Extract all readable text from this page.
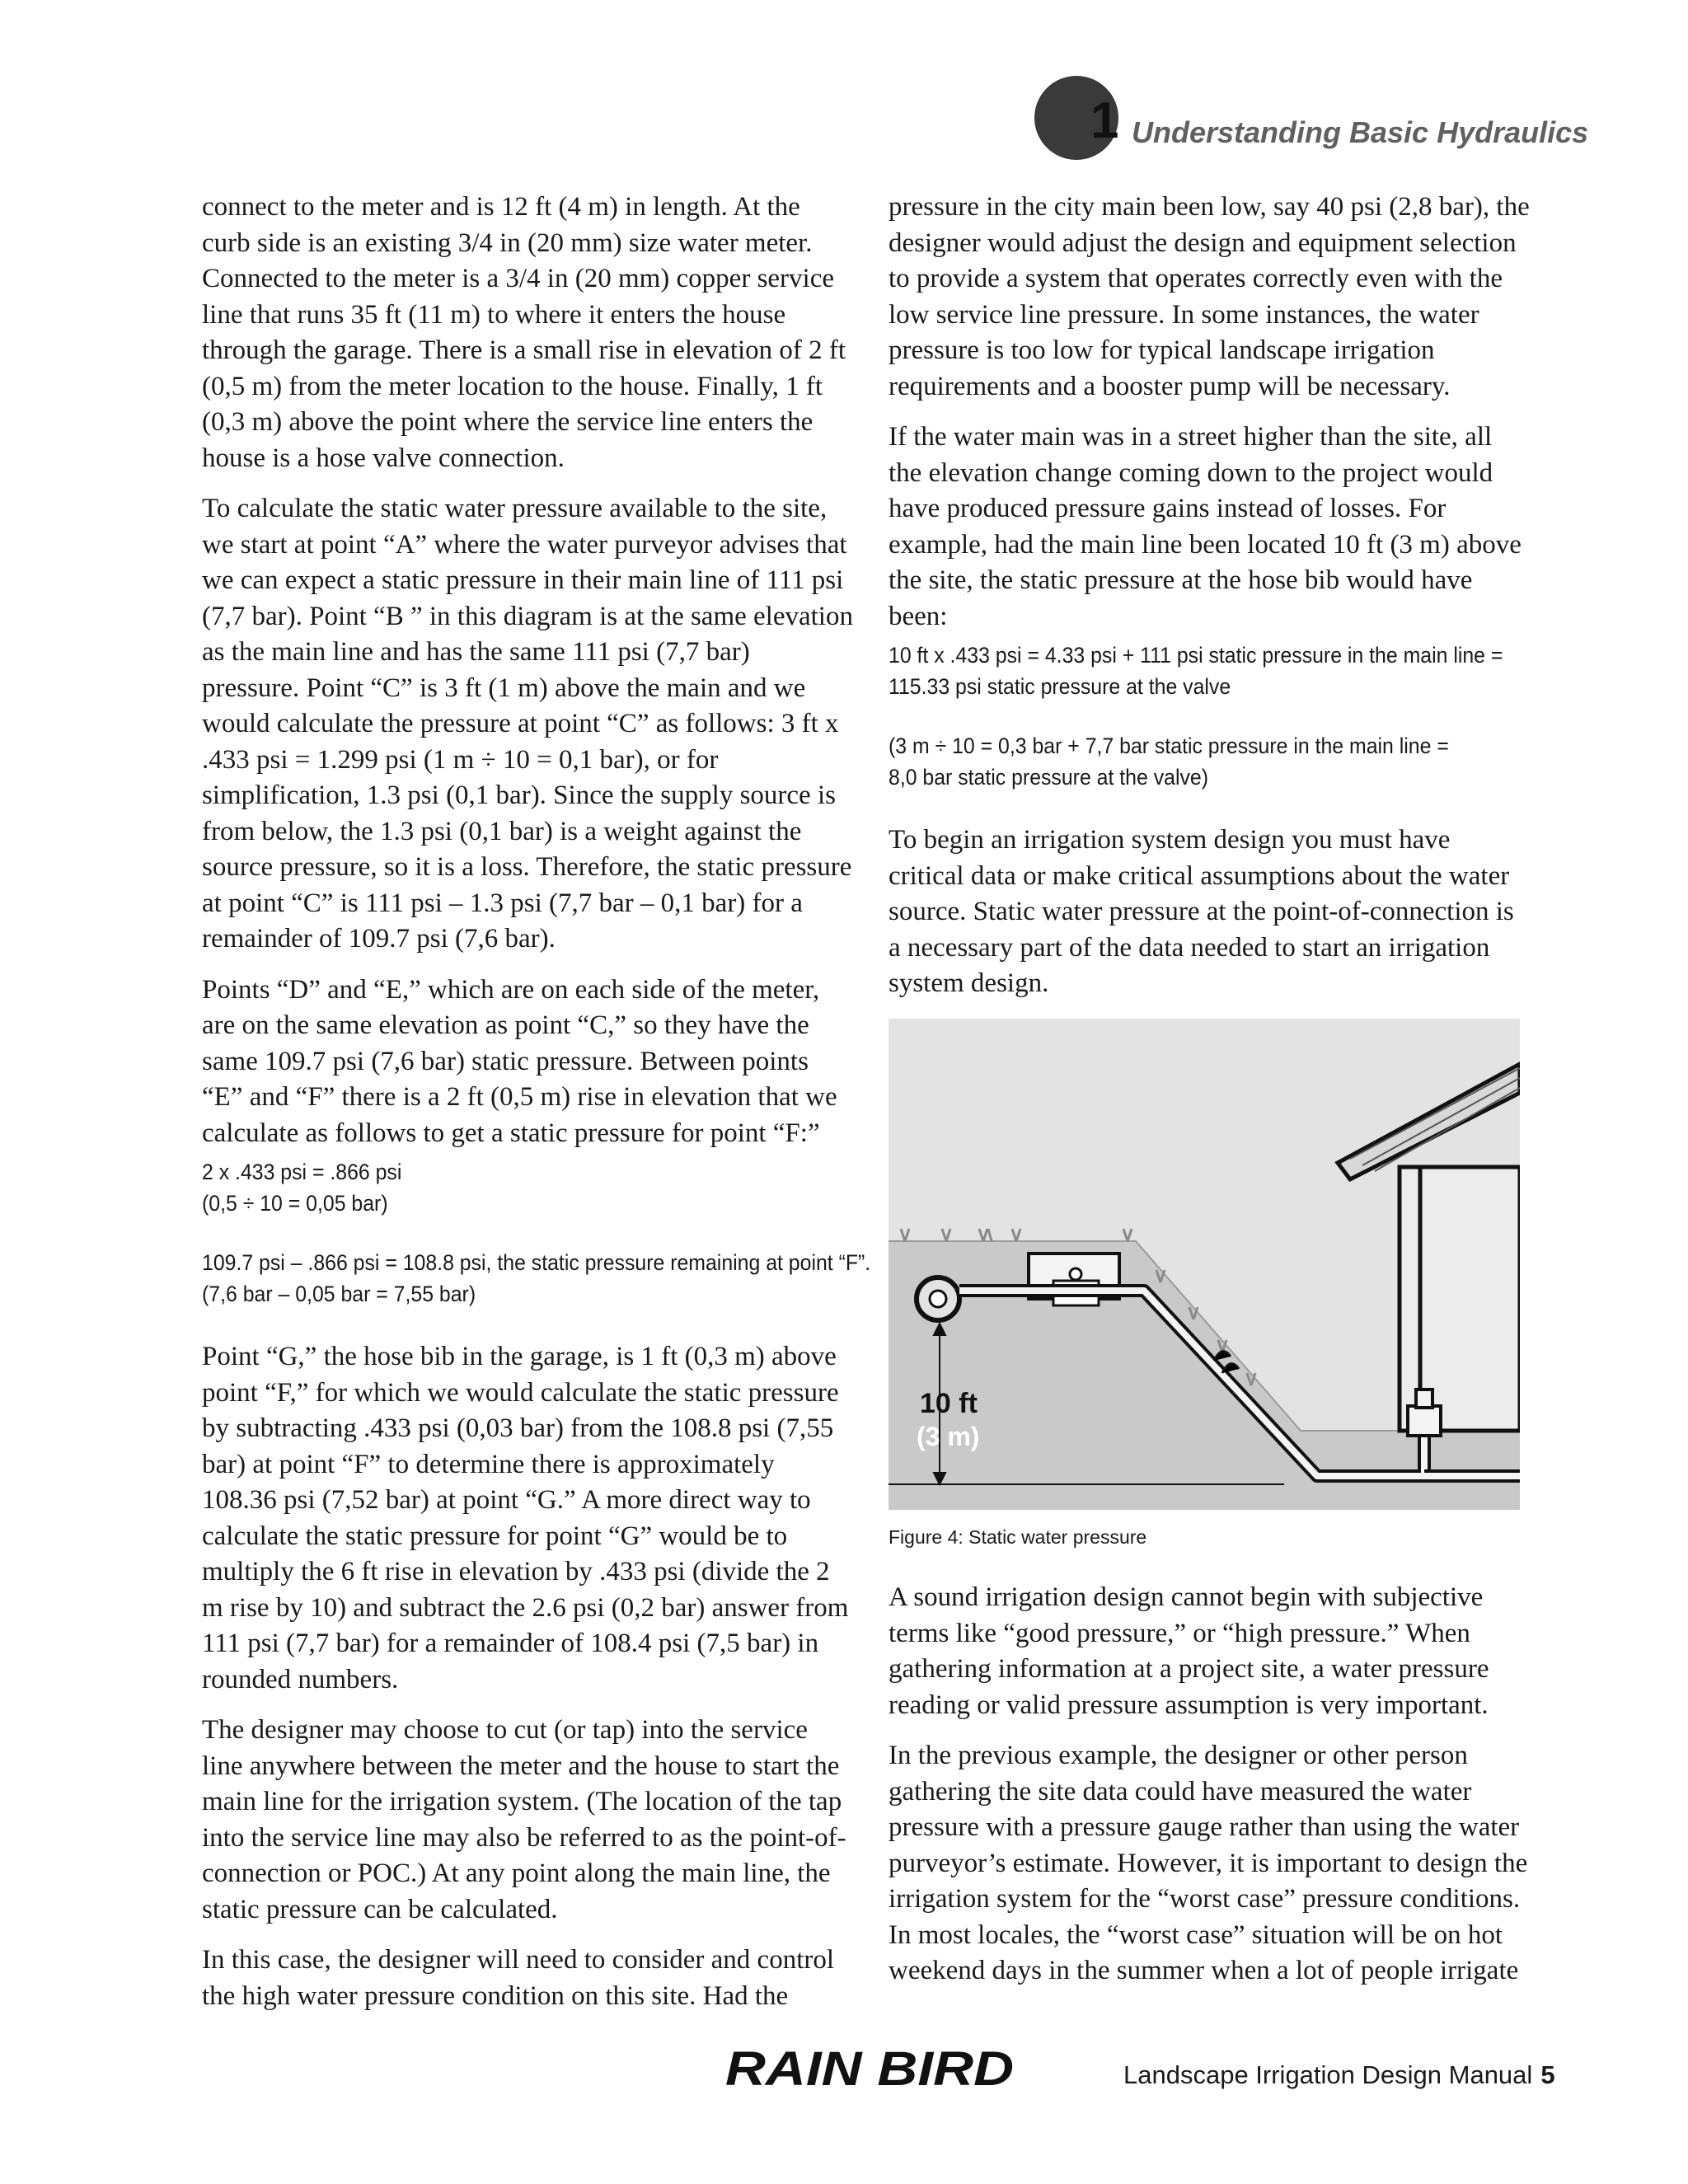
1 Understanding Basic Hydraulics

connect to the meter and is 12 ft (4 m) in length. At the curb side is an existing 3/4 in (20 mm) size water meter. Connected to the meter is a 3/4 in (20 mm) copper service line that runs 35 ft (11 m) to where it enters the house through the garage. There is a small rise in elevation of 2 ft (0,5 m) from the meter location to the house. Finally, 1 ft (0,3 m) above the point where the service line enters the house is a hose valve connection.

To calculate the static water pressure available to the site, we start at point “A” where the water purveyor advises that we can expect a static pressure in their main line of 111 psi (7,7 bar). Point “B ” in this diagram is at the same elevation as the main line and has the same 111 psi (7,7 bar) pressure. Point “C” is 3 ft (1 m) above the main and we would calculate the pressure at point “C” as follows: 3 ft x .433 psi = 1.299 psi (1 m ÷ 10 = 0,1 bar), or for simplification, 1.3 psi (0,1 bar). Since the supply source is from below, the 1.3 psi (0,1 bar) is a weight against the source pressure, so it is a loss. Therefore, the static pressure at point “C” is 111 psi – 1.3 psi (7,7 bar – 0,1 bar) for a remainder of 109.7 psi (7,6 bar).

Points “D” and “E,” which are on each side of the meter, are on the same elevation as point “C,” so they have the same 109.7 psi (7,6 bar) static pressure. Between points “E” and “F” there is a 2 ft (0,5 m) rise in elevation that we calculate as follows to get a static pressure for point “F:”

2 x .433 psi = .866 psi
(0,5 ÷ 10 = 0,05 bar)
109.7 psi – .866 psi = 108.8 psi, the static pressure remaining at point “F”.
(7,6 bar – 0,05 bar = 7,55 bar)

Point “G,” the hose bib in the garage, is 1 ft (0,3 m) above point “F,” for which we would calculate the static pressure by subtracting .433 psi (0,03 bar) from the 108.8 psi (7,55 bar) at point “F” to determine there is approximately 108.36 psi (7,52 bar) at point “G.” A more direct way to calculate the static pressure for point “G” would be to multiply the 6 ft rise in elevation by .433 psi (divide the 2 m rise by 10) and subtract the 2.6 psi (0,2 bar) answer from 111 psi (7,7 bar) for a remainder of 108.4 psi (7,5 bar) in rounded numbers.

The designer may choose to cut (or tap) into the service line anywhere between the meter and the house to start the main line for the irrigation system. (The location of the tap into the service line may also be referred to as the point-of-connection or POC.) At any point along the main line, the static pressure can be calculated.

In this case, the designer will need to consider and control the high water pressure condition on this site. Had the

pressure in the city main been low, say 40 psi (2,8 bar), the designer would adjust the design and equipment selection to provide a system that operates correctly even with the low service line pressure. In some instances, the water pressure is too low for typical landscape irrigation requirements and a booster pump will be necessary.

If the water main was in a street higher than the site, all the elevation change coming down to the project would have produced pressure gains instead of losses. For example, had the main line been located 10 ft (3 m) above the site, the static pressure at the hose bib would have been:

10 ft x .433 psi = 4.33 psi + 111 psi static pressure in the main line =
115.33 psi static pressure at the valve
(3 m ÷ 10 = 0,3 bar + 7,7 bar static pressure in the main line =
8,0 bar static pressure at the valve)

To begin an irrigation system design you must have critical data or make critical assumptions about the water source. Static water pressure at the point-of-connection is a necessary part of the data needed to start an irrigation system design.

10 ft
(3 m)
Figure 4: Static water pressure

A sound irrigation design cannot begin with subjective terms like “good pressure,” or “high pressure.” When gathering information at a project site, a water pressure reading or valid pressure assumption is very important.

In the previous example, the designer or other person gathering the site data could have measured the water pressure with a pressure gauge rather than using the water purveyor’s estimate. However, it is important to design the irrigation system for the “worst case” pressure conditions. In most locales, the “worst case” situation will be on hot weekend days in the summer when a lot of people irrigate

RAIN BIRD	Landscape Irrigation Design Manual 5
